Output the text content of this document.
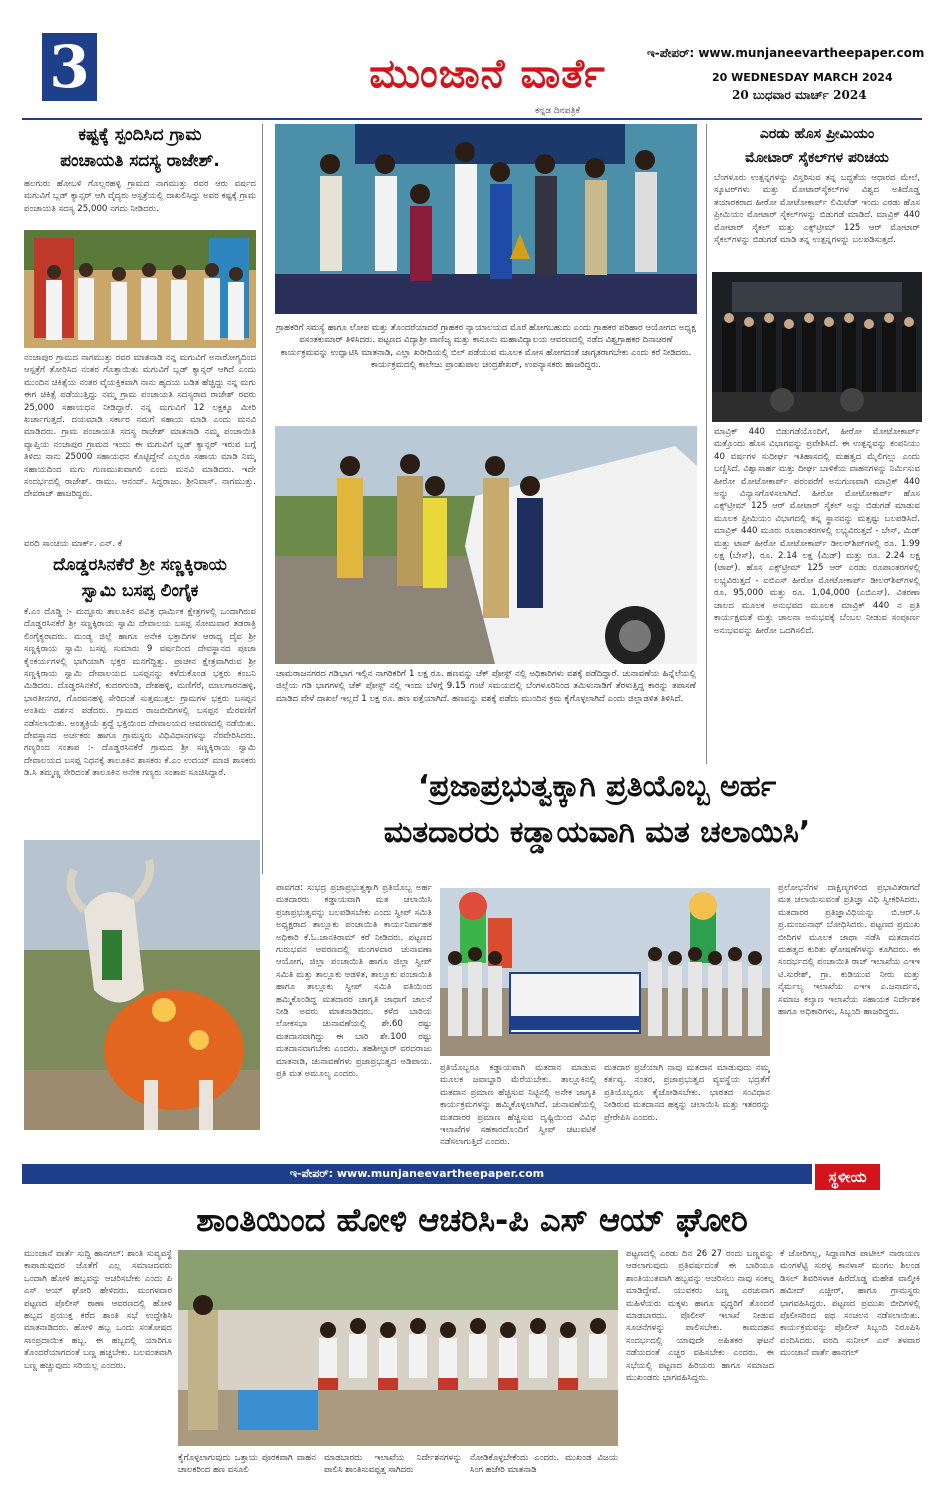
3	ಮುಂಜಾನೆ ವಾರ್ತೆ
ಕನ್ನಡ ದಿನಪತ್ರಿಕೆ
ಇ-ಪೇಪರ್: www.munjaneevartheepaper.com
20 WEDNESDAY MARCH 2024
20 ಬುಧವಾರ ಮಾರ್ಚ್ 2024
ಕಷ್ಟಕ್ಕೆ ಸ್ಪಂದಿಸಿದ ಗ್ರಾಮ
ಪಂಚಾಯತಿ ಸದಸ್ಯ ರಾಜೇಶ್.
ಹಲಗುರು ಹೋಬಳಿ ಗೊಲ್ಲರಹಳ್ಳಿ ಗ್ರಾಮದ ನಾಗಮುತ್ತು ರವರ ಆರು ವರ್ಷದ ಮಗುವಿಗೆ ಬ್ಲಡ್ ಕ್ಯಾನ್ಸರ್ ಆಗಿ ವೈದ್ಯರು ಆಸ್ಪತ್ರೆಯಲ್ಲಿ ದಾಖಲಿಸಿದ್ದು ಅವರ ಕಷ್ಟಕ್ಕೆ ಗ್ರಾಮ ಪಂಚಾಯತಿ ಸದಸ್ಯ 25,000 ನಗದು ನೀಡಿದರು.
ನಂಜಾಪುರ ಗ್ರಾಮದ ನಾಗಮುತ್ತು ರವರ ಮಾತನಾಡಿ ನನ್ನ ಮಗುವಿಗೆ ಅನಾರೋಗ್ಯದಿಂದ ಆಸ್ಪತ್ರೆಗೆ ತೋರಿಸಿದ ನಂತರ ಗೊತ್ತಾಯಿತು ಮಗುವಿಗೆ ಬ್ಲಡ್ ಕ್ಯಾನ್ಸರ್ ಆಗಿದೆ ಎಂದು ಮುಂದಿನ ಚಿಕಿತ್ಸೆಯ ನಂತರ ವೈಯಕ್ತಿಕವಾಗಿ ನಾನು ಹೃದಯ ಬಡಿತ ಹೆಚ್ಚಿದ್ದು ನನ್ನ ಮಗು ಈಗ ಚಿಕಿತ್ಸೆ ಪಡೆಯುತ್ತಿದ್ದು ನಮ್ಮ ಗ್ರಾಮ ಪಂಚಾಯತಿ ಸದಸ್ಯರಾದ ರಾಜೇಶ್ ರವರು 25,000 ಸಹಾಯಧನ ನೀಡಿದ್ದಾರೆ. ನನ್ನ ಮಗುವಿಗೆ 12 ಲಕ್ಷಕ್ಕೂ ಮೀರಿ ಖರ್ಚಾಗುತ್ತದೆ. ದಯಮಾಡಿ ಸರ್ಕಾರ ನಮಗೆ ಸಹಾಯ ಮಾಡಿ ಎಂದು ಮನವಿ ಮಾಡಿದರು. ಗ್ರಾಮ ಪಂಚಾಯತಿ ಸದಸ್ಯ ರಾಜೇಶ್ ಮಾತನಾಡಿ ನಮ್ಮ ಪಂಚಾಯಿತಿ ವ್ಯಾಪ್ತಿಯ ನಂಜಾಪುರ ಗ್ರಾಮದ ಇಂದು ಈ ಮಗುವಿಗೆ ಬ್ಲಡ್ ಕ್ಯಾನ್ಸರ್ ಇರುವ ಬಗ್ಗೆ ತಿಳಿದು ನಾನು 25000 ಸಹಾಯಧನ ಕೊಟ್ಟಿದ್ದೇನೆ ಎಲ್ಲರೂ ಸಹಾಯ ಮಾಡಿ ನಿಮ್ಮ ಸಹಾಯದಿಂದ ಮಗು ಗುಣಮುಖವಾಗಲಿ ಎಂದು ಮನವಿ ಮಾಡಿದರು. ಇದೇ ಸಂದರ್ಭದಲ್ಲಿ ರಾಜೇಶ್. ರಾಮು. ಆನಂದ್. ಸಿದ್ದರಾಜು. ಶ್ರೀನಿವಾಸ್. ನಾಗಮುತ್ತು. ದೇವರಾಜ್ ಹಾಜರಿದ್ದರು.
ವರದಿ ಸಾಂಚಯ ಮಾರ್ಕ್. ಎನ್. ಕೆ
ದೊಡ್ಡರಸಿನಕೆರೆ ಶ್ರೀ ಸಣ್ಣಕ್ಕಿರಾಯ
ಸ್ವಾಮಿ ಬಸಪ್ಪ ಲಿಂಗೈಕ
ಕೆ.ಎಂ ದೊಡ್ಡಿ :- ಮದ್ದೂರು ತಾಲೂಕಿನ ಪವಿತ್ರ ಧಾರ್ಮಿಕ ಕ್ಷೇತ್ರಗಳಲ್ಲಿ ಒಂದಾಗಿರುವ ದೊಡ್ಡರಸಿನಕೆರೆ ಶ್ರೀ ಸಣ್ಣಕ್ಕಿರಾಯ ಸ್ವಾಮಿ ದೇವಾಲಯ ಬಸಪ್ಪ ಸೋಮವಾರ ತಡರಾತ್ರಿ ಲಿಂಗೈಕ್ಯರಾದರು. ಮಂಡ್ಯ ಜಿಲ್ಲೆ ಹಾಗೂ ಅನೇಕ ಭಕ್ತಾದಿಗಳ ಆರಾಧ್ಯ ದೈವ ಶ್ರೀ ಸಣ್ಣಕ್ಕಿರಾಯ ಸ್ವಾಮಿ ಬಸಪ್ಪ ಸುಮಾರು 9 ವರ್ಷದಿಂದ ದೇವಸ್ಥಾನದ ಪೂಜಾ ಕೈಂಕರ್ಯಗಳಲ್ಲಿ ಭಾಗಿಯಾಗಿ ಭಕ್ತರ ಮನಗೆದ್ದಿತ್ತು. ಪ್ರಾಚೀನ ಕ್ಷೇತ್ರವಾಗಿರುವ ಶ್ರೀ ಸಣ್ಣಕ್ಕಿರಾಯ ಸ್ವಾಮಿ ದೇವಾಲಯದ ಬಸಪ್ಪನನ್ನು ಕಳೆದುಕೊಂಡ ಭಕ್ತರು ಕಂಬನಿ ಮಿಡಿದರು. ದೊಡ್ಡರಸಿನಕೆರೆ, ಕುದರಗುಂಡಿ, ದೇಶಹಳ್ಳಿ, ಮಣಿಗೆರೆ, ಮಾಲಗಾರನಹಳ್ಳಿ, ಭಾರತೀನಗರ, ಗೊರವನಹಳ್ಳಿ ಸೇರಿದಂತೆ ಸುತ್ತಮುತ್ತಲ ಗ್ರಾಮಗಳ ಭಕ್ತರು ಬಸಪ್ಪನ ಅಂತಿಮ ದರ್ಶನ ಪಡೆದರು. ಗ್ರಾಮದ ರಾಜಬೀದಿಗಳಲ್ಲಿ ಬಸಪ್ಪನ ಮೆರವಣಿಗೆ ನಡೆಸಲಾಯಿತು. ಅಂತ್ಯಕ್ರಿಯೆ ಶ್ರದ್ಧೆ ಭಕ್ತಿಯಿಂದ ದೇವಾಲಯದ ಆವರಣದಲ್ಲಿ ನಡೆಯಿತು. ದೇವಸ್ಥಾನದ ಅರ್ಚಕರು ಹಾಗೂ ಗ್ರಾಮಸ್ಥರು ವಿಧಿವಿಧಾನಗಳನ್ನು ನೆರವೇರಿಸಿದರು. ಗಣ್ಯರಿಂದ ಸಂತಾಪ :- ದೊಡ್ಡರಸಿನಕೆರೆ ಗ್ರಾಮದ ಶ್ರೀ ಸಣ್ಣಕ್ಕಿರಾಯ ಸ್ವಾಮಿ ದೇವಾಲಯದ ಬಸಪ್ಪ ನಿಧನಕ್ಕೆ ತಾಲೂಕಿನ ಶಾಸಕರು ಕೆ.ಎಂ ಉದಯ್ ಮಾಜಿ ಶಾಸಕರು ಡಿ.ಸಿ ತಮ್ಮಣ್ಣ ಸೇರಿದಂತೆ ತಾಲೂಕಿನ ಅನೇಕ ಗಣ್ಯರು ಸಂತಾಪ ಸೂಚಿಸಿದ್ದಾರೆ.
ಗ್ರಾಹಕರಿಗೆ ಸಮಸ್ಯೆ ಹಾಗೂ ಲೋಪ ಮತ್ತು ತೊಂದರೆಯಾದರೆ ಗ್ರಾಹಕರ ನ್ಯಾಯಾಲಯದ ಮೊರೆ ಹೋಗಬಹುದು ಎಂದು ಗ್ರಾಹಕರ ಪರಿಹಾರ ಆಯೋಗದ ಅಧ್ಯಕ್ಷ ವಸಂತಕುಮಾರ್ ತಿಳಿಸಿದರು. ಪಟ್ಟಣದ ವಿದ್ಯಾಶ್ರೀ ವಾಣಿಜ್ಯ ಮತ್ತು ಕಾನೂನು ಮಹಾವಿದ್ಯಾಲಯ ಆವರಣದಲ್ಲಿ ನಡೆದ ವಿಶ್ವಗ್ರಾಹಕರ ದಿನಾಚರಣೆ ಕಾರ್ಯಕ್ರಮವನ್ನು ಉದ್ಘಾಟಿಸಿ ಮಾತನಾಡಿ, ಎಲ್ಲಾ ಖರೀದಿಯಲ್ಲಿ ಬಿಲ್ ಪಡೆಯುವ ಮೂಲಕ ಮೋಸ ಹೋಗದಂತೆ ಜಾಗೃತರಾಗಬೇಕು ಎಂದು ಕರೆ ನೀಡಿದರು. ಕಾರ್ಯಕ್ರಮದಲ್ಲಿ ಕಾಲೇಜು ಪ್ರಾಂಶುಪಾಲ ಚಂದ್ರಶೇಖರ್, ಉಪನ್ಯಾಸಕರು ಹಾಜರಿದ್ದರು.
ಚಾಮರಾಜನಗರದ ಗಡಿಭಾಗ ಇಲ್ಲಿನ ನಾಗರಿಕರಿಗೆ 1 ಲಕ್ಷ ರೂ. ಹಣವನ್ನು ಚೆಕ್ ಪೋಸ್ಟ್ ನಲ್ಲಿ ಅಧಿಕಾರಿಗಳು ವಶಕ್ಕೆ ಪಡೆದಿದ್ದಾರೆ. ಚುನಾವಣೆಯ ಹಿನ್ನೆಲೆಯಲ್ಲಿ ಜಿಲ್ಲೆಯ ಗಡಿ ಭಾಗಗಳಲ್ಲಿ ಚೆಕ್ ಪೋಸ್ಟ್ ನಲ್ಲಿ ಇಂದು ಬೆಳಗ್ಗೆ 9.15 ಗಂಟೆ ಸಮಯದಲ್ಲಿ ಬೆಂಗಳೂರಿನಿಂದ ತಮಿಳುನಾಡಿಗೆ ತೆರಳುತ್ತಿದ್ದ ಕಾರನ್ನು ತಪಾಸಣೆ ಮಾಡಿದ ವೇಳೆ ದಾಖಲೆ ಇಲ್ಲದೆ 1 ಲಕ್ಷ ರೂ. ಹಣ ಪತ್ತೆಯಾಗಿದೆ. ಹಣವನ್ನು ವಶಕ್ಕೆ ಪಡೆದು ಮುಂದಿನ ಕ್ರಮ ಕೈಗೊಳ್ಳಲಾಗಿದೆ ಎಂದು ಜಿಲ್ಲಾಡಳಿತ ತಿಳಿಸಿದೆ.
ಎರಡು ಹೊಸ ಪ್ರೀಮಿಯಂ
ಮೋಟಾರ್ ಸೈಕಲ್‌ಗಳ ಪರಿಚಯ
ಬೆಂಗಳೂರು ಉತ್ಪನ್ನಗಳನ್ನು ವಿಸ್ತರಿಸುವ ತನ್ನ ಬದ್ಧತೆಯ ಆಧಾರದ ಮೇಲೆ, ಸ್ಕೂಟರ್‌ಗಳು ಮತ್ತು ಮೋಟಾರ್‌ಸೈಕಲ್‌ಗಳ ವಿಶ್ವದ ಅತಿದೊಡ್ಡ ತಯಾರಕರಾದ ಹೀರೋ ಮೋಟೋಕಾರ್ಪ್ ಲಿಮಿಟೆಡ್ ಇಂದು ಎರಡು ಹೊಸ ಪ್ರೀಮಿಯಂ ಮೋಟಾರ್ ಸೈಕಲ್‌ಗಳನ್ನು ಬಿಡುಗಡೆ ಮಾಡಿದೆ. ಮಾವ್ರಿಕ್ 440 ಮೋಟಾರ್ ಸೈಕಲ್ ಮತ್ತು ಎಕ್ಸ್‌ಟ್ರೀಮ್ 125 ಆರ್ ಮೋಟಾರ್ ಸೈಕಲ್‌ಗಳನ್ನು ಬಿಡುಗಡೆ ಮಾಡಿ ತನ್ನ ಉತ್ಪನ್ನಗಳನ್ನು ಬಲಪಡಿಸುತ್ತದೆ.
ಮಾವ್ರಿಕ್ 440 ಬಿಡುಗಡೆಯೊಂದಿಗೆ, ಹೀರೋ ಮೋಟೋಕಾರ್ಪ್ ಮತ್ತೊಂದು ಹೊಸ ವಿಭಾಗವನ್ನು ಪ್ರವೇಶಿಸಿದೆ. ಈ ಉತ್ಪನ್ನವನ್ನು ಕಂಪನಿಯು 40 ವರ್ಷಗಳ ಸುದೀರ್ಘ ಇತಿಹಾಸದಲ್ಲಿ ಮಹತ್ವದ ಮೈಲಿಗಲ್ಲು ಎಂದು ಬಣ್ಣಿಸಿದೆ. ವಿಶ್ವಾಸಾರ್ಹ ಮತ್ತು ದೀರ್ಘ ಬಾಳಿಕೆಯ ವಾಹನಗಳನ್ನು ನಿರ್ಮಿಸುವ ಹೀರೋ ಮೋಟೋಕಾರ್ಪ್ ಪರಂಪರೆಗೆ ಅನುಗುಣವಾಗಿ ಮಾವ್ರಿಕ್ 440 ಅನ್ನು ವಿನ್ಯಾಸಗೊಳಿಸಲಾಗಿದೆ. ಹೀರೋ ಮೋಟೋಕಾರ್ಪ್ ಹೊಸ ಎಕ್ಸ್‌ಟ್ರೀಮ್ 125 ಆರ್ ಮೋಟಾರ್ ಸೈಕಲ್ ಅನ್ನು ಬಿಡುಗಡೆ ಮಾಡುವ ಮೂಲಕ ಪ್ರೀಮಿಯಂ ವಿಭಾಗದಲ್ಲಿ ತನ್ನ ಸ್ಥಾನವನ್ನು ಮತ್ತಷ್ಟು ಬಲಪಡಿಸಿದೆ. ಮಾವ್ರಿಕ್ 440 ಮೂರು ರೂಪಾಂತರಗಳಲ್ಲಿ ಲಭ್ಯವಿರುತ್ತದೆ - ಬೇಸ್, ಮಿಡ್ ಮತ್ತು ಟಾಪ್ ಹೀರೋ ಮೋಟೋಕಾರ್ಪ್ ಡೀಲರ್‌ಶಿಪ್‌ಗಳಲ್ಲಿ ರೂ. 1.99 ಲಕ್ಷ (ಬೇಸ್), ರೂ. 2.14 ಲಕ್ಷ (ಮಿಡ್) ಮತ್ತು ರೂ. 2.24 ಲಕ್ಷ (ಟಾಪ್). ಹೊಸ ಎಕ್ಸ್‌ಟ್ರೀಮ್ 125 ಆರ್ ಎರಡು ರೂಪಾಂತರಗಳಲ್ಲಿ ಲಭ್ಯವಿರುತ್ತದೆ - ಐಬಿಎಸ್ ಹೀರೋ ಮೋಟೋಕಾರ್ಪ್ ಡೀಲರ್‌ಶಿಪ್‌ಗಳಲ್ಲಿ ರೂ. 95,000 ಮತ್ತು ರೂ. 1,04,000 (ಎಬಿಎಸ್). ವಿತರಣಾ ಜಾಲದ ಮೂಲಕ ಅನುಭವದ ಮೂಲಕ ಮಾವ್ರಿಕ್ 440 ನ ಪ್ರತಿ ಕಾರ್ಯಕ್ಷಮತೆ ಮತ್ತು ಚಾಲನಾ ಅನುಭವಕ್ಕೆ ಬೆಂಬಲ ನೀಡುವ ಸಂಪೂರ್ಣ ಅನುಭವವನ್ನು ಹೀರೋ ಒದಗಿಸಲಿದೆ.
‘ಪ್ರಜಾಪ್ರಭುತ್ವಕ್ಕಾಗಿ ಪ್ರತಿಯೊಬ್ಬ ಅರ್ಹ
ಮತದಾರರು ಕಡ್ಡಾಯವಾಗಿ ಮತ ಚಲಾಯಿಸಿ’
ಪಾವಗಡ: ಸುಭದ್ರ ಪ್ರಜಾಪ್ರಭುತ್ವಕ್ಕಾಗಿ ಪ್ರತಿಯೊಬ್ಬ ಅರ್ಹ ಮತದಾರರು ಕಡ್ಡಾಯವಾಗಿ ಮತ ಚಲಾಯಿಸಿ ಪ್ರಜಾಪ್ರಭುತ್ವವನ್ನು ಬಲಪಡಿಸಬೇಕು ಎಂದು ಸ್ವೀಪ್ ಸಮಿತಿ ಅಧ್ಯಕ್ಷರಾದ ತಾಲ್ಲೂಕು ಪಂಚಾಯಿತಿ ಕಾರ್ಯನಿರ್ವಾಹಕ ಅಧಿಕಾರಿ ಕೆ.ಓ.ಜಾನಕಿರಾಮ್ ಕರೆ ನೀಡಿದರು. ಪಟ್ಟಣದ ಗುರುಭವನ ಆವರಣದಲ್ಲಿ ಮಂಗಳವಾರ ಚುನಾವಣಾ ಆಯೋಗ, ಜಿಲ್ಲಾ ಪಂಚಾಯಿತಿ ಹಾಗೂ ಜಿಲ್ಲಾ ಸ್ವೀಪ್ ಸಮಿತಿ ಮತ್ತು ತಾಲ್ಲೂಕು ಆಡಳಿತ, ತಾಲ್ಲೂಕು ಪಂಚಾಯಿತಿ ಹಾಗೂ ತಾಲ್ಲೂಕು ಸ್ವೀಪ್ ಸಮಿತಿ ವತಿಯಿಂದ ಹಮ್ಮಿಕೊಂಡಿದ್ದ ಮತದಾರರ ಜಾಗೃತಿ ಜಾಥಾಗೆ ಚಾಲನೆ ನೀಡಿ ಅವರು ಮಾತನಾಡಿದರು. ಕಳೆದ ಬಾರಿಯ ಲೋಕಸಭಾ ಚುನಾವಣೆಯಲ್ಲಿ ಶೇ.60 ರಷ್ಟು ಮತದಾನವಾಗಿದ್ದು ಈ ಬಾರಿ ಶೇ.100 ರಷ್ಟು ಮತದಾನವಾಗಬೇಕು ಎಂದರು. ತಹಶೀಲ್ದಾರ್ ವರದರಾಜು ಮಾತನಾಡಿ, ಚುನಾವಣೆಗಳು ಪ್ರಜಾಪ್ರಭುತ್ವದ ಅಡಿಪಾಯ. ಪ್ರತಿ ಮತ ಅಮೂಲ್ಯ ಎಂದರು.
ಪ್ರತಿಯೊಬ್ಬರೂ ಕಡ್ಡಾಯವಾಗಿ ಮತದಾನ ಮಾಡುವ ಮೂಲಕ ಜವಾಬ್ದಾರಿ ಮೆರೆಯಬೇಕು. ತಾಲ್ಲೂಕಿನಲ್ಲಿ ಮತದಾನ ಪ್ರಮಾಣ ಹೆಚ್ಚಿಸುವ ನಿಟ್ಟಿನಲ್ಲಿ ಅನೇಕ ಜಾಗೃತಿ ಕಾರ್ಯಕ್ರಮಗಳನ್ನು ಹಮ್ಮಿಕೊಳ್ಳಲಾಗಿದೆ. ಚುನಾವಣೆಯಲ್ಲಿ ಮತದಾರರ ಪ್ರಮಾಣ ಹೆಚ್ಚಿಸುವ ದೃಷ್ಟಿಯಿಂದ ವಿವಿಧ ಇಲಾಖೆಗಳ ಸಹಕಾರದೊಂದಿಗೆ ಸ್ವೀಪ್ ಚಟುವಟಿಕೆ ನಡೆಸಲಾಗುತ್ತಿದೆ ಎಂದರು.
ಮತದಾರ ಪ್ರಜೆಯಾಗಿ ನಾವು ಮತದಾನ ಮಾಡುವುದು ನಮ್ಮ ಕರ್ತವ್ಯ. ನಂತರ, ಪ್ರಜಾಪ್ರಭುತ್ವದ ವ್ಯವಸ್ಥೆಯ ಭದ್ರತೆಗೆ ಪ್ರತಿಯೊಬ್ಬರೂ ಕೈಜೋಡಿಸಬೇಕು. ಭಾರತದ ಸಂವಿಧಾನ ನೀಡಿರುವ ಮತದಾನದ ಹಕ್ಕನ್ನು ಚಲಾಯಿಸಿ ಮತ್ತು ಇತರರನ್ನು ಪ್ರೇರೇಪಿಸಿ ಎಂದರು.
ಪ್ರಲೋಭನೆಗಳ ದಾಕ್ಷಿಣ್ಯಗಳಿಂದ ಪ್ರಭಾವಿತರಾಗದೆ ಮತ ಚಲಾಯಿಸುವಂತೆ ಪ್ರತಿಜ್ಞಾ ವಿಧಿ ಸ್ವೀಕರಿಸಿದರು. ಮತದಾರರ ಪ್ರತಿಜ್ಞಾವಿಧಿಯನ್ನು ಬಿ.ಆರ್.ಸಿ ಪ್ರ.ಮಂಜುನಾಥ್ ಬೋಧಿಸಿದರು. ಪಟ್ಟಣದ ಪ್ರಮುಖ ಬೀದಿಗಳ ಮೂಲಕ ಜಾಥಾ ನಡೆಸಿ ಮತದಾನದ ಮಹತ್ವದ ಕುರಿತು ಘೋಷಣೆಗಳನ್ನು ಕೂಗಿದರು. ಈ ಸಂದರ್ಭದಲ್ಲಿ ಪಂಚಾಯಿತಿ ರಾಜ್ ಇಲಾಖೆಯ ಎಇಇ ಟಿ.ಸುರೇಶ್, ಗ್ರಾ. ಕುಡಿಯುವ ನೀರು ಮತ್ತು ನೈರ್ಮಲ್ಯ ಇಲಾಖೆಯ ಎಇಇ ಎ.ಜನಾರ್ದನ, ಸಮಾಜ ಕಲ್ಯಾಣ ಇಲಾಖೆಯ ಸಹಾಯಕ ನಿರ್ದೇಶಕ ಹಾಗೂ ಅಧಿಕಾರಿಗಳು, ಸಿಬ್ಬಂದಿ ಹಾಜರಿದ್ದರು.
ಇ-ಪೇಪರ್: www.munjaneevartheepaper.com	ಸ್ಥಳೀಯ
ಶಾಂತಿಯಿಂದ ಹೋಳಿ ಆಚರಿಸಿ-ಪಿ ಎಸ್ ಆಯ್ ಘೋರಿ
ಮುಂಜಾನೆ ವಾರ್ತೆ ಸುದ್ದಿ ಹಾನಗಲ್: ಶಾಂತಿ ಸುವ್ಯವಸ್ಥೆ ಕಾಪಾಡುವುದರ ಜೊತೆಗೆ ಎಲ್ಲ ಸಮಾಜದವರು ಒಂದಾಗಿ ಹೋಳಿ ಹಬ್ಬವನ್ನು ಆಚರಿಸಬೇಕು ಎಂದು ಪಿ ಎಸ್ ಆಯ್ ಘೋರಿ ಹೇಳಿದರು. ಮಂಗಳವಾರ ಪಟ್ಟಣದ ಪೊಲೀಸ್ ಠಾಣಾ ಆವರಣದಲ್ಲಿ ಹೋಳಿ ಹಬ್ಬದ ಪ್ರಯುಕ್ತ ಕರೆದ ಶಾಂತಿ ಸಭೆ ಉದ್ದೇಶಿಸಿ ಮಾತನಾಡಿದರು. ಹೋಳಿ ಹಬ್ಬ ಒಂದು ಸಂತೋಷದ ಸಾಂಪ್ರದಾಯಿಕ ಹಬ್ಬ. ಈ ಹಬ್ಬದಲ್ಲಿ ಯಾರಿಗೂ ತೊಂದರೆಯಾಗದಂತೆ ಬಣ್ಣ ಹಚ್ಚಬೇಕು. ಬಲವಂತವಾಗಿ ಬಣ್ಣ ಹಚ್ಚುವುದು ಸರಿಯಲ್ಲ ಎಂದರು.
ಕೈಗೊಳ್ಳಲಾಗುವುದು ಒತ್ತಾಯ ಪೂರಕವಾಗಿ ವಾಹನ ಚಾಲಕರಿಂದ ಹಣ ವಸೂಲಿ
ಮಾಡಬಾರದು ಇಲಾಖೆಯ ನಿರ್ದೇಶನಗಳನ್ನು ಪಾಲಿಸಿ ಶಾಂತಿಸುವಪ್ಪತ್ತ ಸಾಗಿದರು
ನೋಡಿಕೊಳ್ಳಬೇಕೆಂದು ಎಂದರು. ಮುಖಂಡ ವಿಜಯ ಸಿಂಗ ಹಜೇರಿ ಮಾತನಾಡಿ
ಪಟ್ಟಣದಲ್ಲಿ ಎರಡು ದಿನ 26 27 ರಂದು ಬಣ್ಣವನ್ನು ಆಡಲಾಗುವುದು ಪ್ರತಿವರ್ಷದಂತೆ ಈ ಬಾರಿಯೂ ಶಾಂತಿಯುತವಾಗಿ ಹಬ್ಬವನ್ನು ಆಚರಿಸಲು ನಾವು ಸಂಕಲ್ಪ ಮಾಡಿದ್ದೇವೆ. ಯುವಕರು ಬಣ್ಣ ಎರಚುವಾಗ ಮಹಿಳೆಯರು ಮಕ್ಕಳು ಹಾಗೂ ವೃದ್ಧರಿಗೆ ತೊಂದರೆ ಮಾಡಬಾರದು. ಪೊಲೀಸ್ ಇಲಾಖೆ ನೀಡುವ ಸೂಚನೆಗಳನ್ನು ಪಾಲಿಸಬೇಕು. ಕಾಮದಹನ ಸಂದರ್ಭದಲ್ಲಿ ಯಾವುದೇ ಅಹಿತಕರ ಘಟನೆ ನಡೆಯದಂತೆ ಎಚ್ಚರ ವಹಿಸಬೇಕು ಎಂದರು. ಈ ಸಭೆಯಲ್ಲಿ ಪಟ್ಟಣದ ಹಿರಿಯರು ಹಾಗೂ ಸಮಾಜದ ಮುಖಂಡರು ಭಾಗವಹಿಸಿದ್ದರು.
ಕೆ ಜೋರಿಗಲ್ಲ, ಸಿದ್ದಾಣಗಿಡ ಪಾಟೀಲ್ ನಾರಾಯಣ ಮಂಗಳೆಟ್ಟಿ ಸುರಳ್ಳ ಕಾನಳಾಸ್ ಮಂಗಲ ಶಿಲಂಡ ಡಿಸಲ್ ಶಿವರಿಸಳಾಕ ಹಿರೆದೊಡ್ಡ ಮಹೇಶ ವಾಲ್ಮೀಕಿ ಹಮೀದ್ ಎಚ್ಚೀರ್, ಹಾಗೂ ಗ್ರಾಮಸ್ಥರು ಭಾಗವಹಿಸಿದ್ದರು. ಪಟ್ಟಣದ ಪ್ರಮುಖ ಬೀದಿಗಳಲ್ಲಿ ಪೊಲೀಸರಿಂದ ಪಥ ಸಂಚಲನ ನಡೆಸಲಾಯಿತು. ಕಾರ್ಯಕ್ರಮವನ್ನು ಪೊಲೀಸ್ ಸಿಬ್ಬಂದಿ ನಿರೂಪಿಸಿ ವಂದಿಸಿದರು. ವರದಿ ಸುನೀಲ್ ಎನ್ ತಳವಾರ ಮುಂಜಾನೆ ವಾರ್ತೆ ಹಾನಗಲ್
